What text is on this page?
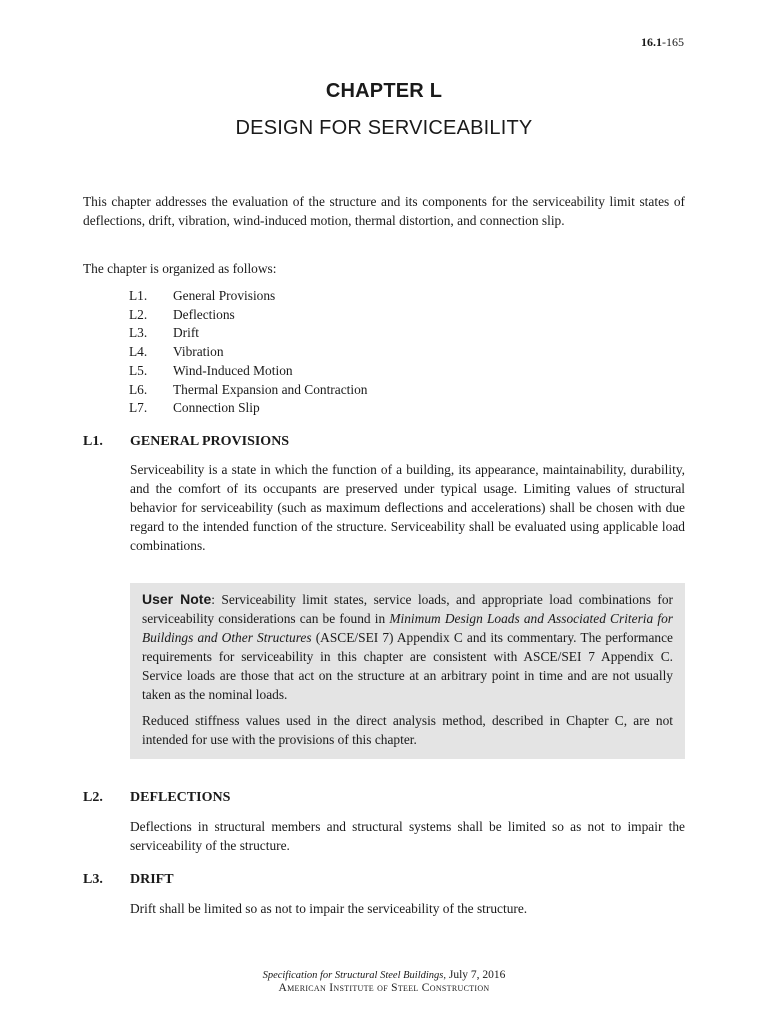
16.1-165
CHAPTER L
DESIGN FOR SERVICEABILITY
This chapter addresses the evaluation of the structure and its components for the serviceability limit states of deflections, drift, vibration, wind-induced motion, thermal distortion, and connection slip.
The chapter is organized as follows:
L1.	General Provisions
L2.	Deflections
L3.	Drift
L4.	Vibration
L5.	Wind-Induced Motion
L6.	Thermal Expansion and Contraction
L7.	Connection Slip
L1.	GENERAL PROVISIONS
Serviceability is a state in which the function of a building, its appearance, maintainability, durability, and the comfort of its occupants are preserved under typical usage. Limiting values of structural behavior for serviceability (such as maximum deflections and accelerations) shall be chosen with due regard to the intended function of the structure. Serviceability shall be evaluated using applicable load combinations.

User Note: Serviceability limit states, service loads, and appropriate load combinations for serviceability considerations can be found in Minimum Design Loads and Associated Criteria for Buildings and Other Structures (ASCE/SEI 7) Appendix C and its commentary. The performance requirements for serviceability in this chapter are consistent with ASCE/SEI 7 Appendix C. Service loads are those that act on the structure at an arbitrary point in time and are not usually taken as the nominal loads.

Reduced stiffness values used in the direct analysis method, described in Chapter C, are not intended for use with the provisions of this chapter.

L2.	DEFLECTIONS
Deflections in structural members and structural systems shall be limited so as not to impair the serviceability of the structure.
L3.	DRIFT
Drift shall be limited so as not to impair the serviceability of the structure.
Specification for Structural Steel Buildings, July 7, 2016
American Institute of Steel Construction
